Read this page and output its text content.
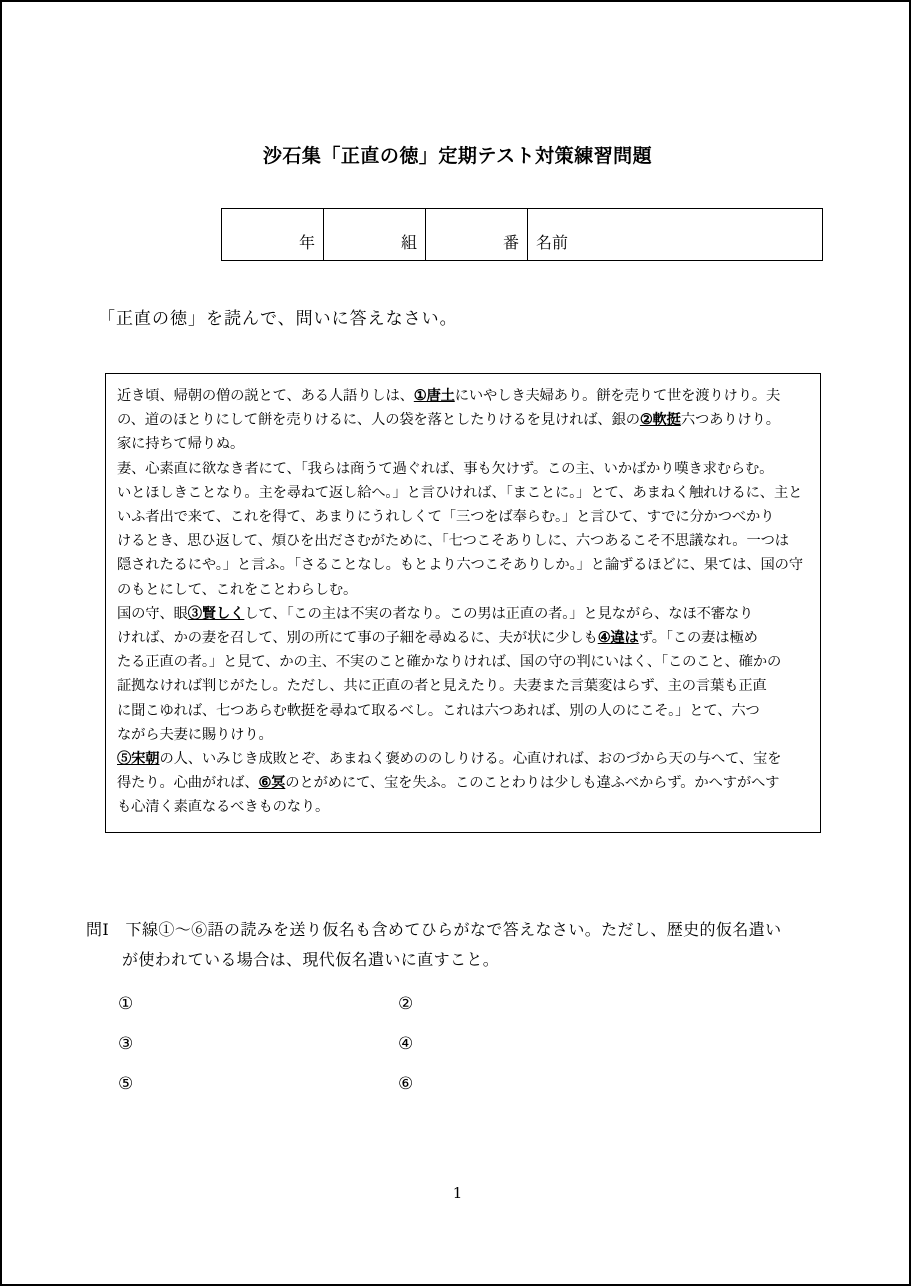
沙石集「正直の徳」定期テスト対策練習問題
年	組	番	名前
「正直の徳」を読んで、問いに答えなさい。
近き頃、帰朝の僧の説とて、ある人語りしは、①唐土にいやしき夫婦あり。餅を売りて世を渡りけり。夫
の、道のほとりにして餅を売りけるに、人の袋を落としたりけるを見ければ、銀の②軟挺六つありけり。
家に持ちて帰りぬ。
妻、心素直に欲なき者にて、「我らは商うて過ぐれば、事も欠けず。この主、いかばかり嘆き求むらむ。
いとほしきことなり。主を尋ねて返し給へ。」と言ひければ、「まことに。」とて、あまねく触れけるに、主と
いふ者出で来て、これを得て、あまりにうれしくて「三つをば奉らむ。」と言ひて、すでに分かつべかり
けるとき、思ひ返して、煩ひを出ださむがために、「七つこそありしに、六つあるこそ不思議なれ。一つは
隠されたるにや。」と言ふ。「さることなし。もとより六つこそありしか。」と論ずるほどに、果ては、国の守
のもとにして、これをことわらしむ。
国の守、眼③賢しくして、「この主は不実の者なり。この男は正直の者。」と見ながら、なほ不審なり
ければ、かの妻を召して、別の所にて事の子細を尋ぬるに、夫が状に少しも④違はず。「この妻は極め
たる正直の者。」と見て、かの主、不実のこと確かなりければ、国の守の判にいはく、「このこと、確かの
証拠なければ判じがたし。ただし、共に正直の者と見えたり。夫妻また言葉変はらず、主の言葉も正直
に聞こゆれば、七つあらむ軟挺を尋ねて取るべし。これは六つあれば、別の人のにこそ。」とて、六つ
ながら夫妻に賜りけり。
⑤宋朝の人、いみじき成敗とぞ、あまねく褒めののしりける。心直ければ、おのづから天の与へて、宝を
得たり。心曲がれば、⑥冥のとがめにて、宝を失ふ。このことわりは少しも違ふべからず。かへすがへす
も心清く素直なるべきものなり。
問Ⅰ　下線①〜⑥語の読みを送り仮名も含めてひらがなで答えなさい。ただし、歴史的仮名遣い
が使われている場合は、現代仮名遣いに直すこと。
①	②
③	④
⑤	⑥
1
